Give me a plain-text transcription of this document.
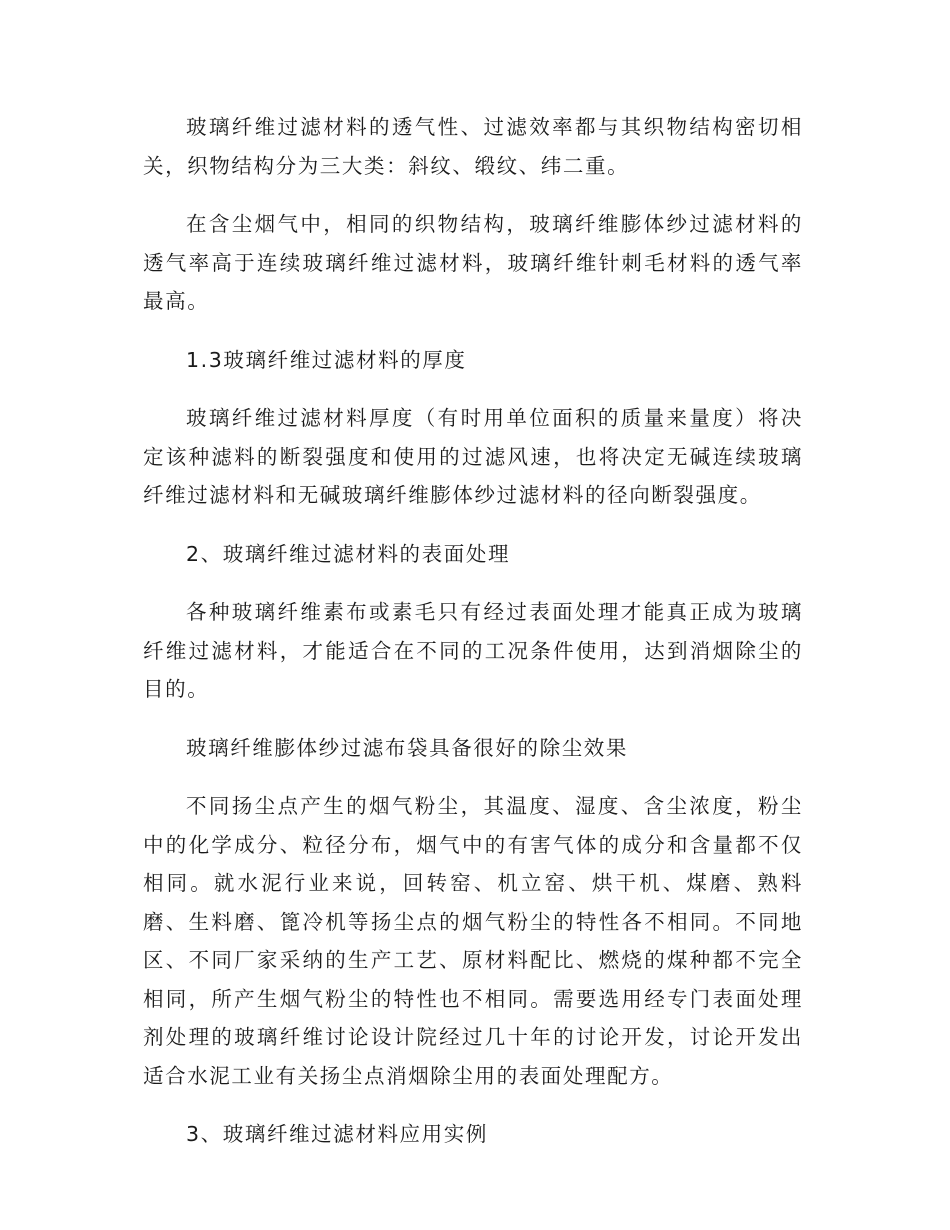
玻璃纤维过滤材料的透气性、过滤效率都与其织物结构密切相关，织物结构分为三大类：斜纹、缎纹、纬二重。

在含尘烟气中，相同的织物结构，玻璃纤维膨体纱过滤材料的透气率高于连续玻璃纤维过滤材料，玻璃纤维针刺毛材料的透气率最高。

1.3玻璃纤维过滤材料的厚度

玻璃纤维过滤材料厚度（有时用单位面积的质量来量度）将决定该种滤料的断裂强度和使用的过滤风速，也将决定无碱连续玻璃纤维过滤材料和无碱玻璃纤维膨体纱过滤材料的径向断裂强度。

2、玻璃纤维过滤材料的表面处理

各种玻璃纤维素布或素毛只有经过表面处理才能真正成为玻璃纤维过滤材料，才能适合在不同的工况条件使用，达到消烟除尘的目的。

玻璃纤维膨体纱过滤布袋具备很好的除尘效果

不同扬尘点产生的烟气粉尘，其温度、湿度、含尘浓度，粉尘中的化学成分、粒径分布，烟气中的有害气体的成分和含量都不仅相同。就水泥行业来说，回转窑、机立窑、烘干机、煤磨、熟料磨、生料磨、篦冷机等扬尘点的烟气粉尘的特性各不相同。不同地区、不同厂家采纳的生产工艺、原材料配比、燃烧的煤种都不完全相同，所产生烟气粉尘的特性也不相同。需要选用经专门表面处理剂处理的玻璃纤维讨论设计院经过几十年的讨论开发，讨论开发出适合水泥工业有关扬尘点消烟除尘用的表面处理配方。

3、玻璃纤维过滤材料应用实例
